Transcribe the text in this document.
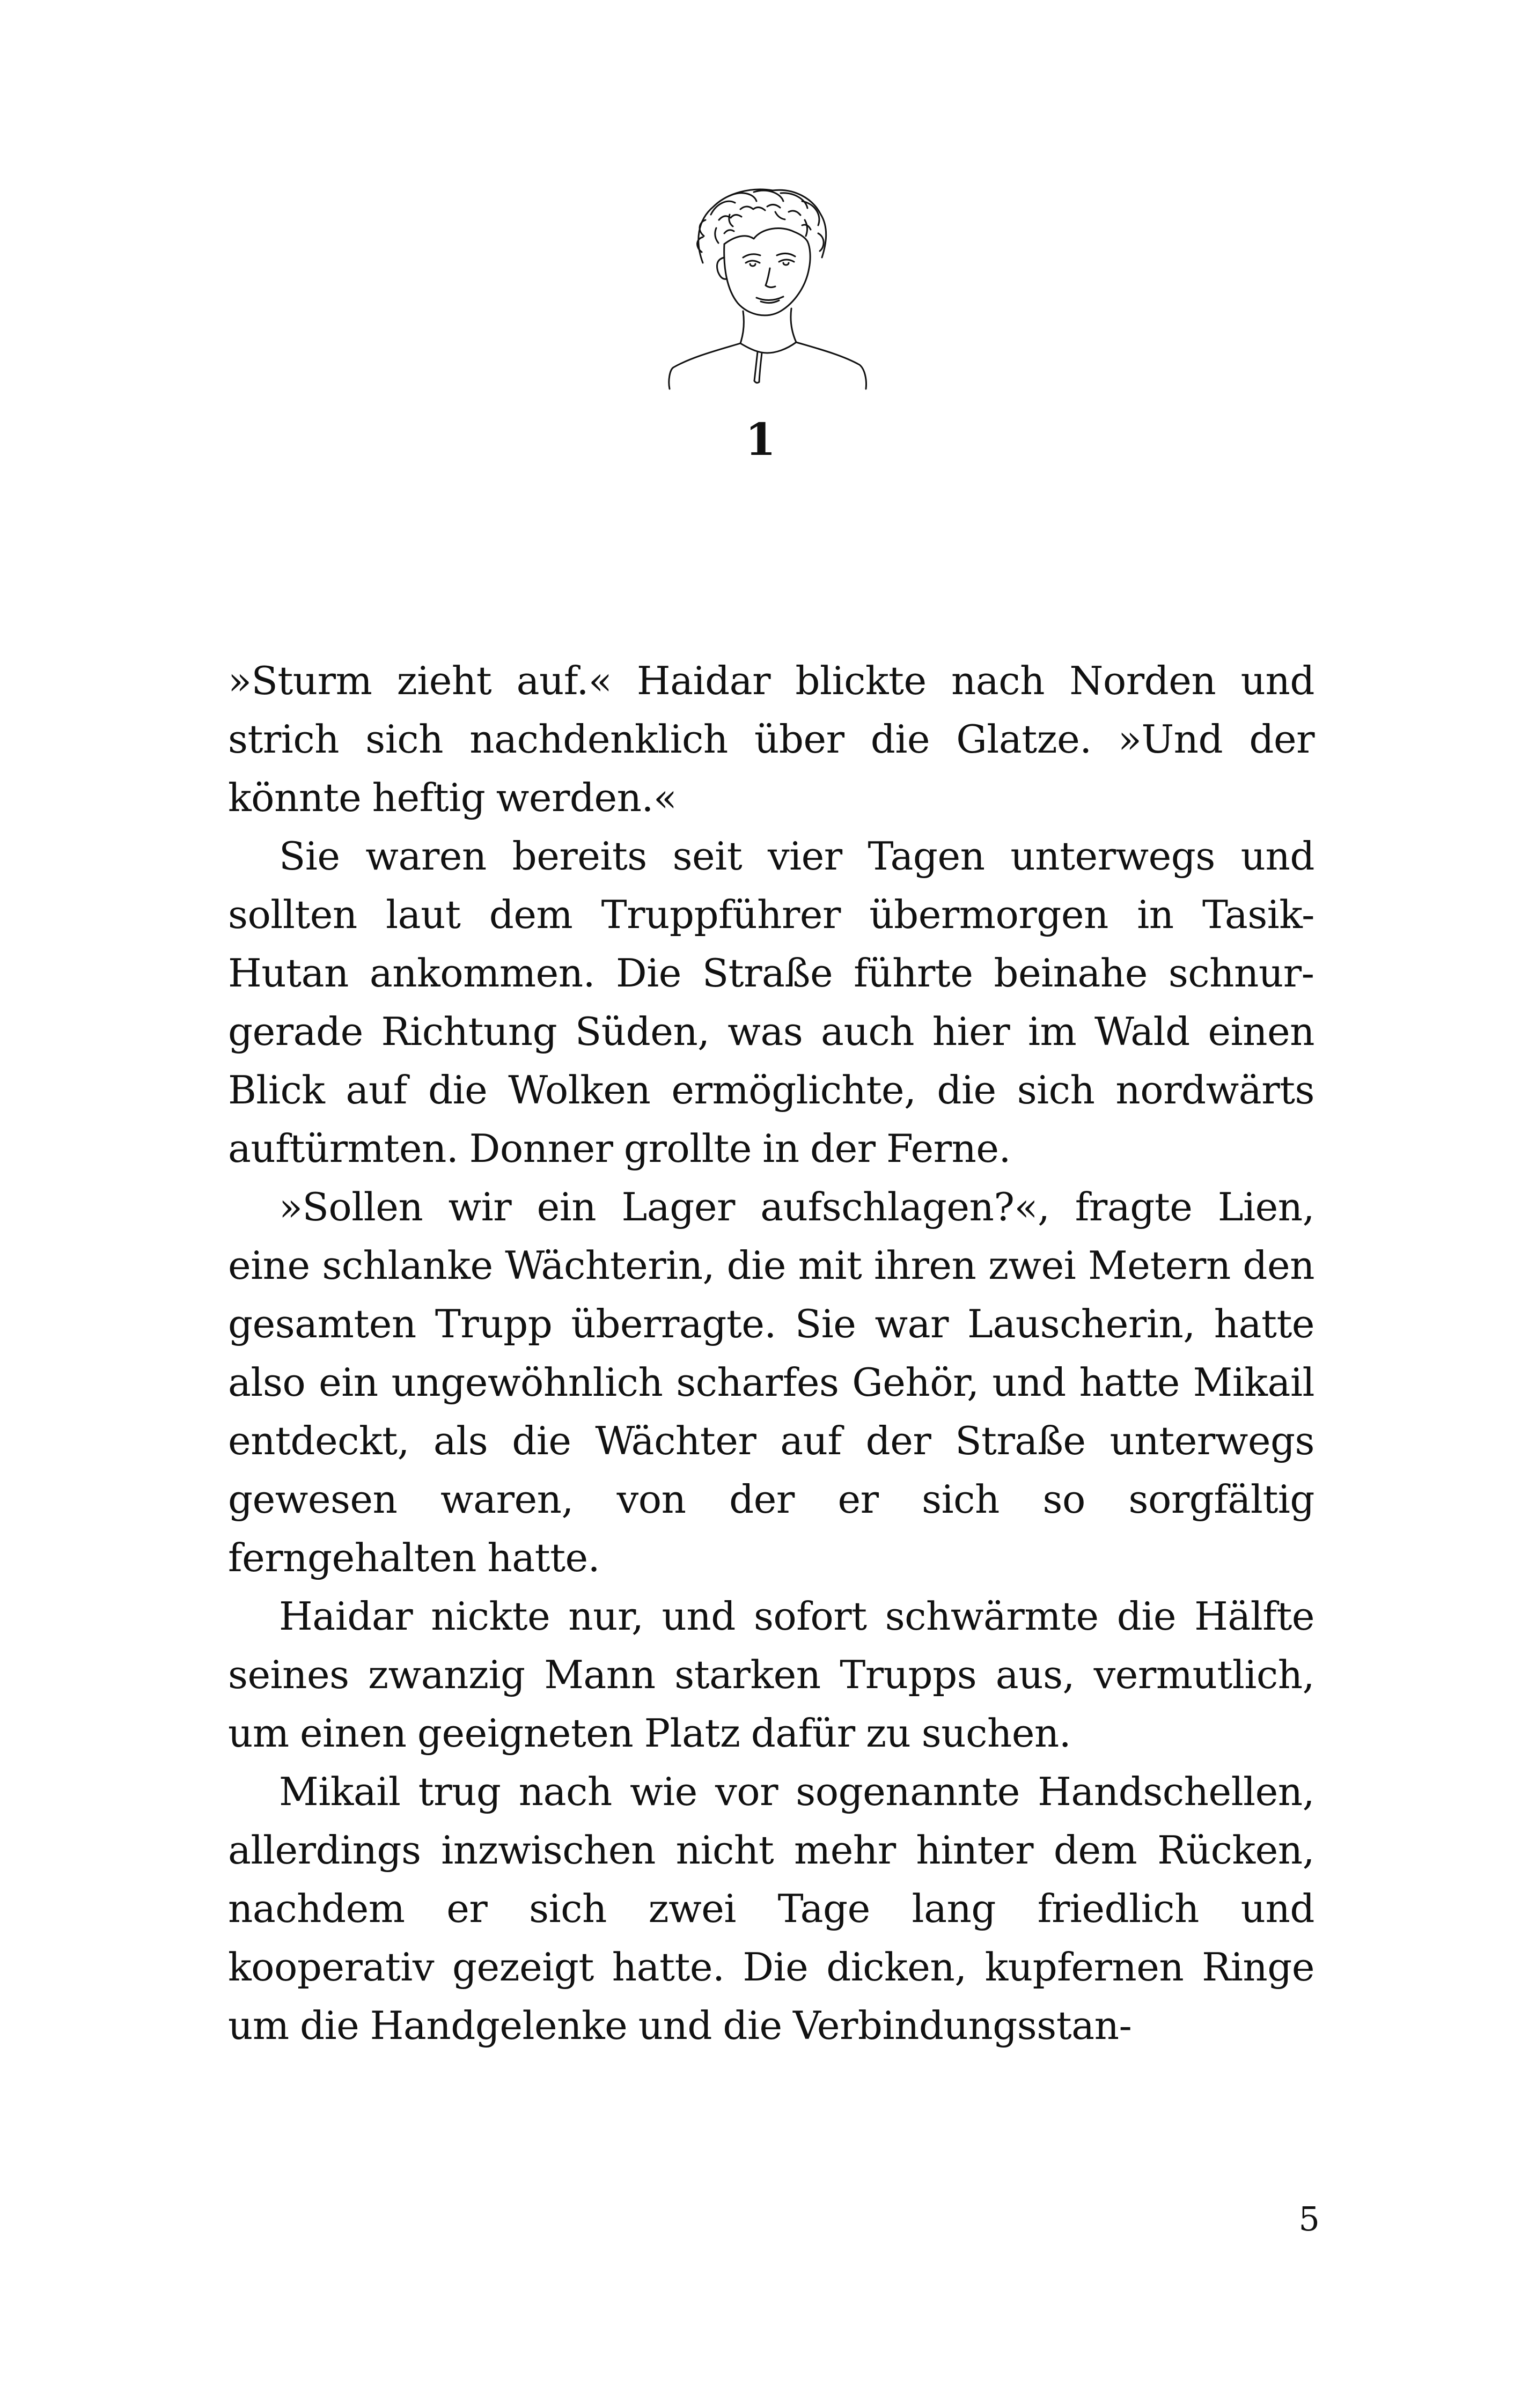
1

»Sturm zieht auf.« Haidar blickte nach Norden und strich sich nachdenklich über die Glatze. »Und der könnte heftig werden.«

Sie waren bereits seit vier Tagen unterwegs und sollten laut dem Truppführer übermorgen in Tasik-Hutan ankommen. Die Straße führte beinahe schnurgerade Richtung Süden, was auch hier im Wald einen Blick auf die Wolken ermöglichte, die sich nordwärts auftürmten. Donner grollte in der Ferne.

»Sollen wir ein Lager aufschlagen?«, fragte Lien, eine schlanke Wächterin, die mit ihren zwei Metern den gesamten Trupp überragte. Sie war Lauscherin, hatte also ein ungewöhnlich scharfes Gehör, und hatte Mikail entdeckt, als die Wächter auf der Straße unterwegs gewesen waren, von der er sich so sorgfältig ferngehalten hatte.

Haidar nickte nur, und sofort schwärmte die Hälfte seines zwanzig Mann starken Trupps aus, vermutlich, um einen geeigneten Platz dafür zu suchen.

Mikail trug nach wie vor sogenannte Handschellen, allerdings inzwischen nicht mehr hinter dem Rücken, nachdem er sich zwei Tage lang friedlich und kooperativ gezeigt hatte. Die dicken, kupfernen Ringe um die Handgelenke und die Verbindungsstan-

5
